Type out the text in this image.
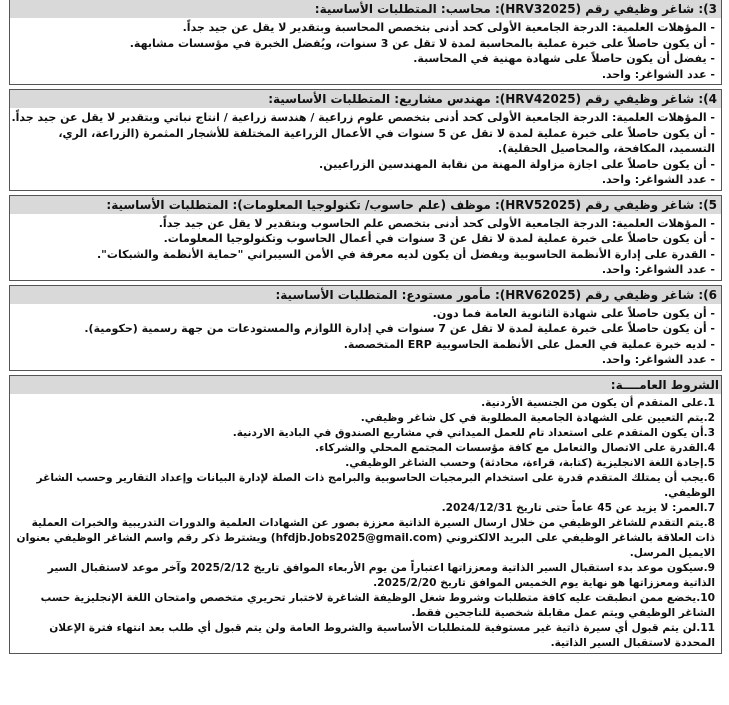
3): شاغر وظيفي رقم (HRV32025): محاسب: المتطلبات الأساسية:
- المؤهلات العلمية: الدرجة الجامعية الأولى كحد أدنى بتخصص المحاسبة وبتقدير لا يقل عن جيد جداً.
- أن يكون حاصلاً على خبرة عملية بالمحاسبة لمدة لا تقل عن 3 سنوات، ويُفضل الخبرة في مؤسسات مشابهة.
- يفضل أن يكون حاصلاً على شهادة مهنية في المحاسبة.
- عدد الشواغر: واحد.
4): شاغر وظيفي رقم (HRV42025): مهندس مشاريع: المتطلبات الأساسية:
- المؤهلات العلمية: الدرجة الجامعية الأولى كحد أدنى بتخصص علوم زراعية / هندسة زراعية / انتاج نباتي وبتقدير لا يقل عن جيد جداً.
- أن يكون حاصلاً على خبرة عملية لمدة لا تقل عن 5 سنوات في الأعمال الزراعية المختلفة للأشجار المثمرة (الزراعة، الري، التسميد، المكافحة، والمحاصيل الحقلية).
- أن يكون حاصلاً على اجازة مزاولة المهنة من نقابة المهندسين الزراعيين.
- عدد الشواغر: واحد.
5): شاغر وظيفي رقم (HRV52025): موظف (علم حاسوب/ تكنولوجيا المعلومات): المتطلبات الأساسية:
- المؤهلات العلمية: الدرجة الجامعية الأولى كحد أدنى بتخصص علم الحاسوب وبتقدير لا يقل عن جيد جداً.
- أن يكون حاصلاً على خبرة عملية لمدة لا تقل عن 3 سنوات في أعمال الحاسوب وتكنولوجيا المعلومات.
- القدرة على إدارة الأنظمة الحاسوبية ويفضل أن يكون لديه معرفة في الأمن السيبراني "حماية الأنظمة والشبكات".
- عدد الشواغر: واحد.
6): شاغر وظيفي رقم (HRV62025): مأمور مستودع: المتطلبات الأساسية:
- أن يكون حاصلاً على شهادة الثانوية العامة فما دون.
- أن يكون حاصلاً على خبرة عملية لمدة لا تقل عن 7 سنوات في إدارة اللوازم والمستودعات من جهة رسمية (حكومية).
- لديه خبرة عملية في العمل على الأنظمة الحاسوبية ERP المتخصصة.
- عدد الشواغر: واحد.
الشروط العامــــة:
1.على المتقدم أن يكون من الجنسية الأردنية.
2.يتم التعيين على الشهادة الجامعية المطلوبة في كل شاغر وظيفي.
3.أن يكون المتقدم على استعداد تام للعمل الميداني في مشاريع الصندوق في البادية الاردنية.
4.القدرة على الاتصال والتعامل مع كافة مؤسسات المجتمع المحلي والشركاء.
5.إجادة اللغة الانجليزية (كتابة، قراءة، محادثة) وحسب الشاغر الوظيفي.
6.يجب أن يمتلك المتقدم قدرة على استخدام البرمجيات الحاسوبية والبرامج ذات الصلة لإدارة البيانات وإعداد التقارير وحسب الشاغر الوظيفي.
7.العمر: لا يزيد عن 45 عاماً حتى تاريخ 2024/12/31.
8.يتم التقدم للشاغر الوظيفي من خلال ارسال السيرة الذاتية معززة بصور عن الشهادات العلمية والدورات التدريبية والخبرات العملية ذات العلاقة بالشاغر الوظيفي على البريد الالكتروني (hfdjb.Jobs2025@gmail.com) ويشترط ذكر رقم واسم الشاغر الوظيفي بعنوان الايميل المرسل.
9.سيكون موعد بدء استقبال السير الذاتية ومعززاتها اعتباراً من يوم الأربعاء الموافق تاريخ 2025/2/12 وآخر موعد لاستقبال السير الذاتية ومعززاتها هو نهاية يوم الخميس الموافق تاريخ 2025/2/20.
10.يخضع ممن انطبقت عليه كافة متطلبات وشروط شغل الوظيفة الشاغرة لاختبار تحريري متخصص وامتحان اللغة الإنجليزية حسب الشاغر الوظيفي ويتم عمل مقابلة شخصية للناجحين فقط.
11.لن يتم قبول أي سيرة ذاتية غير مستوفية للمتطلبات الأساسية والشروط العامة ولن يتم قبول أي طلب بعد انتهاء فترة الإعلان المحددة لاستقبال السير الذاتية.
